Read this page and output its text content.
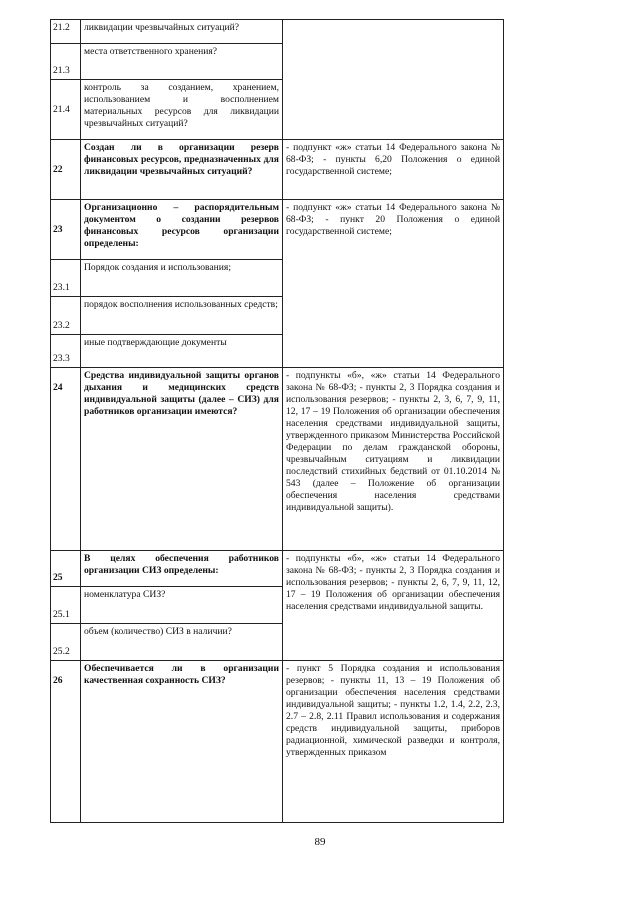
21.2	ликвидации чрезвычайных ситуаций?		
21.3	места ответственного хранения?		
21.4	контроль за созданием, хранением, использованием и восполнением материальных ресурсов для ликвидации чрезвычайных ситуаций?		
22	Создан ли в организации резерв финансовых ресурсов, предназначенных для ликвидации чрезвычайных ситуаций?	- подпункт «ж» статьи 14 Федерального закона № 68-ФЗ; - пункты 6,20 Положения о единой государственной системе;	
23	Организационно – распорядительным документом о создании резервов финансовых ресурсов организации определены:	- подпункт «ж» статьи 14 Федерального закона № 68-ФЗ; - пункт 20 Положения о единой государственной системе;	
23.1	Порядок создания и использования;	
23.2	порядок восполнения использованных средств;		
23.3	иные подтверждающие документы		
24	Средства индивидуальной защиты органов дыхания и медицинских средств индивидуальной защиты (далее – СИЗ) для работников организации имеются?	- подпункты «б», «ж» статьи 14 Федерального закона № 68-ФЗ; - пункты 2, 3 Порядка создания и использования резервов; - пункты 2, 3, 6, 7, 9, 11, 12, 17 – 19 Положения об организации обеспечения населения средствами индивидуальной защиты, утвержденного приказом Министерства Российской Федерации по делам гражданской обороны, чрезвычайным ситуациям и ликвидации последствий стихийных бедствий от 01.10.2014 № 543 (далее – Положение об организации обеспечения населения средствами индивидуальной защиты).	
25	В целях обеспечения работников организации СИЗ определены:	- подпункты «б», «ж» статьи 14 Федерального закона № 68-ФЗ; - пункты 2, 3 Порядка создания и использования резервов; - пункты 2, 6, 7, 9, 11, 12, 17 – 19 Положения об организации обеспечения населения средствами индивидуальной защиты.	
25.1	номенклатура СИЗ?		
25.2	объем (количество) СИЗ в наличии?		
26	Обеспечивается ли в организации качественная сохранность СИЗ?	- пункт 5 Порядка создания и использования резервов; - пункты 11, 13 – 19 Положения об организации обеспечения населения средствами индивидуальной защиты; - пункты 1.2, 1.4, 2.2, 2.3, 2.7 – 2.8, 2.11 Правил использования и содержания средств индивидуальной защиты, приборов радиационной, химической разведки и контроля, утвержденных приказом	
89
